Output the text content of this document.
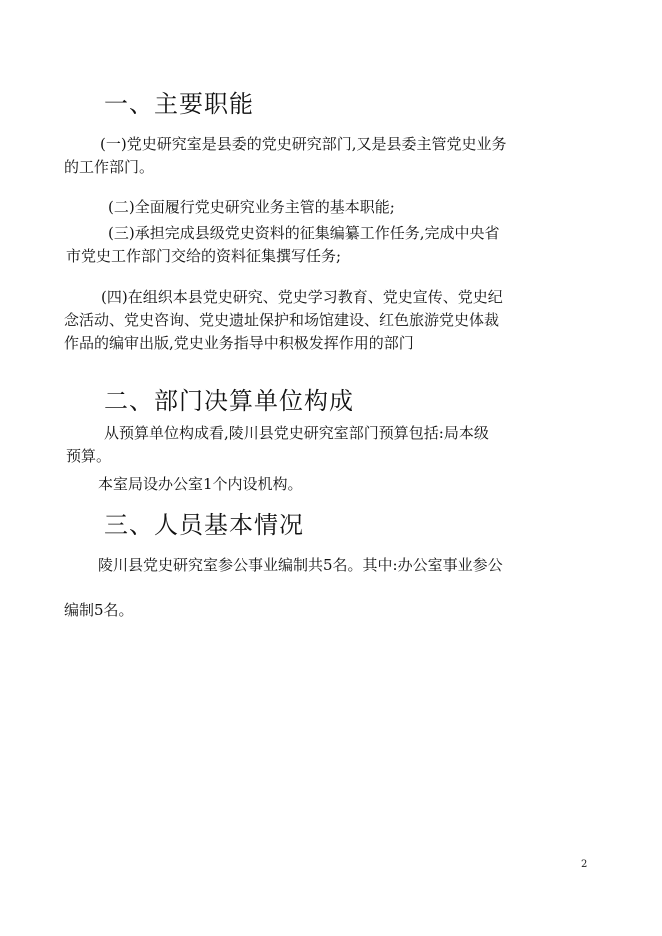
一、主要职能

(一)党史研究室是县委的党史研究部门,又是县委主管党史业务

的工作部门。

(二)全面履行党史研究业务主管的基本职能;

(三)承担完成县级党史资料的征集编纂工作任务,完成中央省

市党史工作部门交给的资料征集撰写任务;

(四)在组织本县党史研究、党史学习教育、党史宣传、党史纪

念活动、党史咨询、党史遗址保护和场馆建设、红色旅游党史体裁

作品的编审出版,党史业务指导中积极发挥作用的部门

二、部门决算单位构成

从预算单位构成看,陵川县党史研究室部门预算包括:局本级

预算。

本室局设办公室1个内设机构。

三、人员基本情况

陵川县党史研究室参公事业编制共5名。其中:办公室事业参公

编制5名。

2
